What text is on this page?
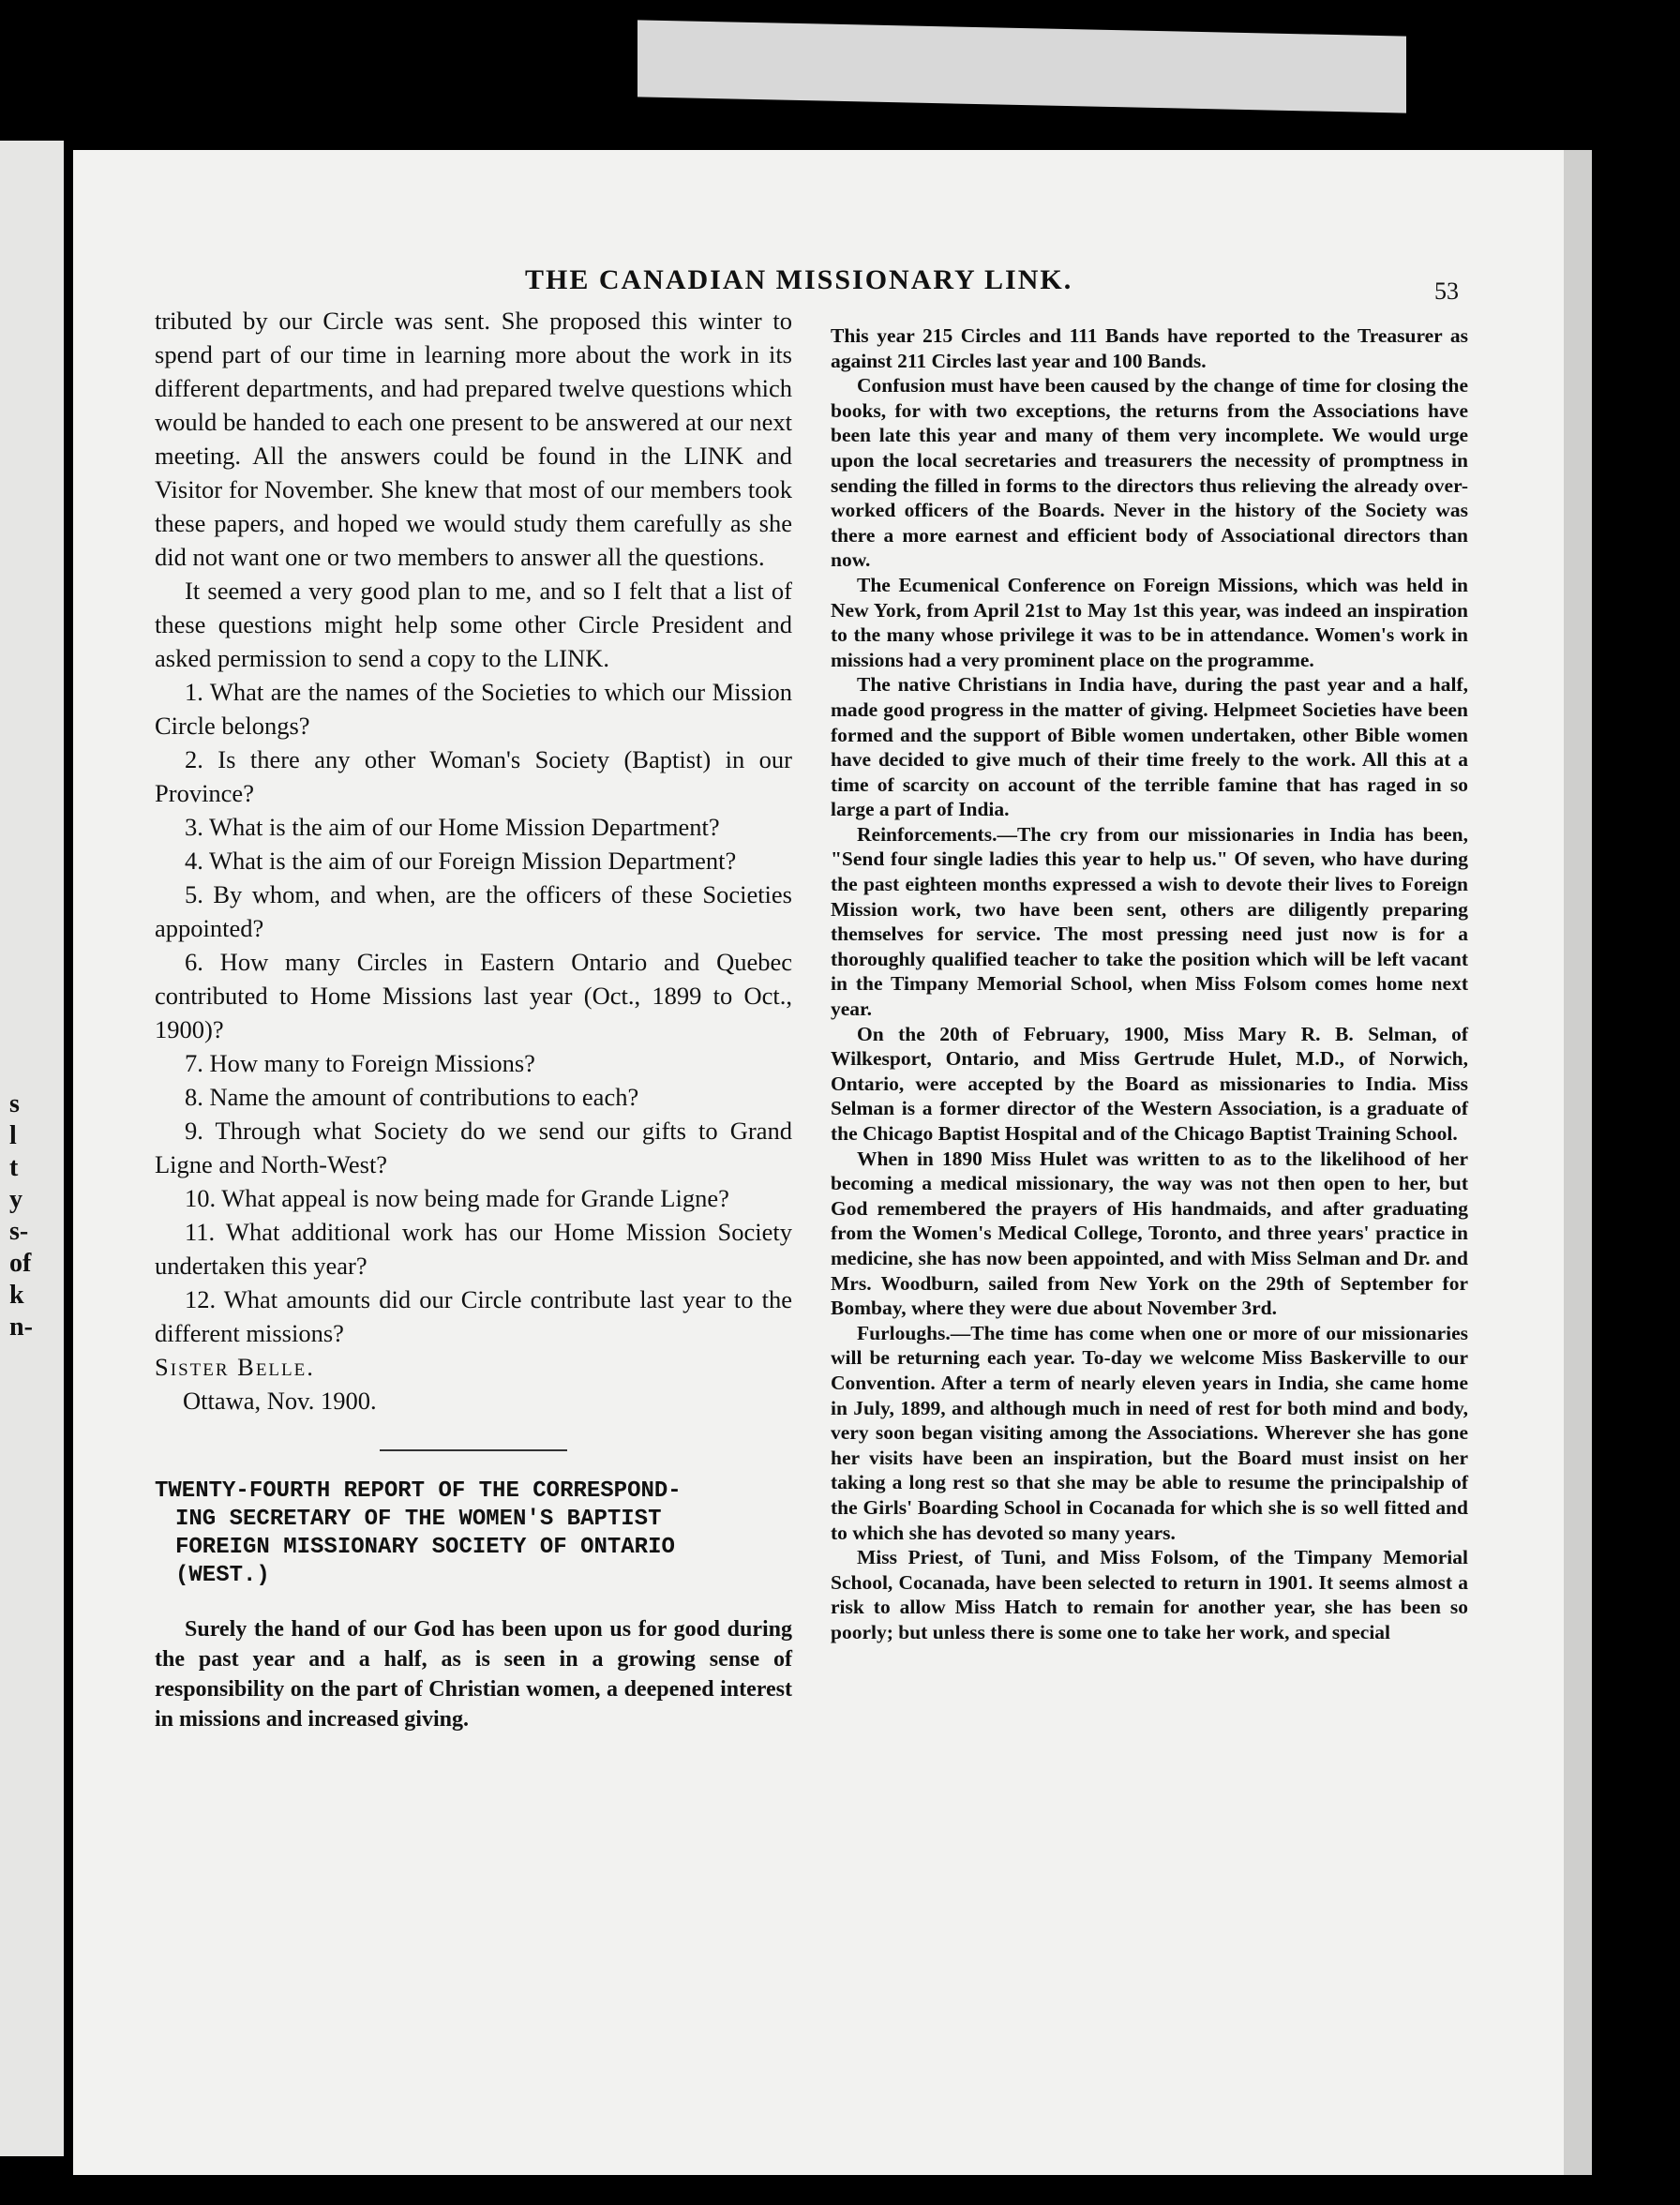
s
l
t
y
s-
of
k
n-
THE CANADIAN MISSIONARY LINK.	53

tributed by our Circle was sent. She proposed this winter to spend part of our time in learning more about the work in its different departments, and had prepared twelve questions which would be handed to each one present to be answered at our next meeting. All the answers could be found in the LINK and Visitor for November. She knew that most of our members took these papers, and hoped we would study them carefully as she did not want one or two members to answer all the questions.

It seemed a very good plan to me, and so I felt that a list of these questions might help some other Circle President and asked permission to send a copy to the LINK.

1. What are the names of the Societies to which our Mission Circle belongs?

2. Is there any other Woman's Society (Baptist) in our Province?

3. What is the aim of our Home Mission Department?

4. What is the aim of our Foreign Mission Department?

5. By whom, and when, are the officers of these Societies appointed?

6. How many Circles in Eastern Ontario and Quebec contributed to Home Missions last year (Oct., 1899 to Oct., 1900)?

7. How many to Foreign Missions?

8. Name the amount of contributions to each?

9. Through what Society do we send our gifts to Grand Ligne and North-West?

10. What appeal is now being made for Grande Ligne?

11. What additional work has our Home Mission Society undertaken this year?

12. What amounts did our Circle contribute last year to the different missions?

Sister Belle.

Ottawa, Nov. 1900.

TWENTY-FOURTH REPORT OF THE CORRESPOND-
ING SECRETARY OF THE WOMEN'S BAPTIST
FOREIGN MISSIONARY SOCIETY OF ONTARIO
(WEST.)

Surely the hand of our God has been upon us for good during the past year and a half, as is seen in a growing sense of responsibility on the part of Christian women, a deepened interest in missions and increased giving.

This year 215 Circles and 111 Bands have reported to the Treasurer as against 211 Circles last year and 100 Bands.

Confusion must have been caused by the change of time for closing the books, for with two exceptions, the returns from the Associations have been late this year and many of them very incomplete. We would urge upon the local secretaries and treasurers the necessity of promptness in sending the filled in forms to the directors thus relieving the already over-worked officers of the Boards. Never in the history of the Society was there a more earnest and efficient body of Associational directors than now.

The Ecumenical Conference on Foreign Missions, which was held in New York, from April 21st to May 1st this year, was indeed an inspiration to the many whose privilege it was to be in attendance. Women's work in missions had a very prominent place on the programme.

The native Christians in India have, during the past year and a half, made good progress in the matter of giving. Helpmeet Societies have been formed and the support of Bible women undertaken, other Bible women have decided to give much of their time freely to the work. All this at a time of scarcity on account of the terrible famine that has raged in so large a part of India.

Reinforcements.—The cry from our missionaries in India has been, "Send four single ladies this year to help us." Of seven, who have during the past eighteen months expressed a wish to devote their lives to Foreign Mission work, two have been sent, others are diligently preparing themselves for service. The most pressing need just now is for a thoroughly qualified teacher to take the position which will be left vacant in the Timpany Memorial School, when Miss Folsom comes home next year.

On the 20th of February, 1900, Miss Mary R. B. Selman, of Wilkesport, Ontario, and Miss Gertrude Hulet, M.D., of Norwich, Ontario, were accepted by the Board as missionaries to India. Miss Selman is a former director of the Western Association, is a graduate of the Chicago Baptist Hospital and of the Chicago Baptist Training School.

When in 1890 Miss Hulet was written to as to the likelihood of her becoming a medical missionary, the way was not then open to her, but God remembered the prayers of His handmaids, and after graduating from the Women's Medical College, Toronto, and three years' practice in medicine, she has now been appointed, and with Miss Selman and Dr. and Mrs. Woodburn, sailed from New York on the 29th of September for Bombay, where they were due about November 3rd.

Furloughs.—The time has come when one or more of our missionaries will be returning each year. To-day we welcome Miss Baskerville to our Convention. After a term of nearly eleven years in India, she came home in July, 1899, and although much in need of rest for both mind and body, very soon began visiting among the Associations. Wherever she has gone her visits have been an inspiration, but the Board must insist on her taking a long rest so that she may be able to resume the principalship of the Girls' Boarding School in Cocanada for which she is so well fitted and to which she has devoted so many years.

Miss Priest, of Tuni, and Miss Folsom, of the Timpany Memorial School, Cocanada, have been selected to return in 1901. It seems almost a risk to allow Miss Hatch to remain for another year, she has been so poorly; but unless there is some one to take her work, and special
